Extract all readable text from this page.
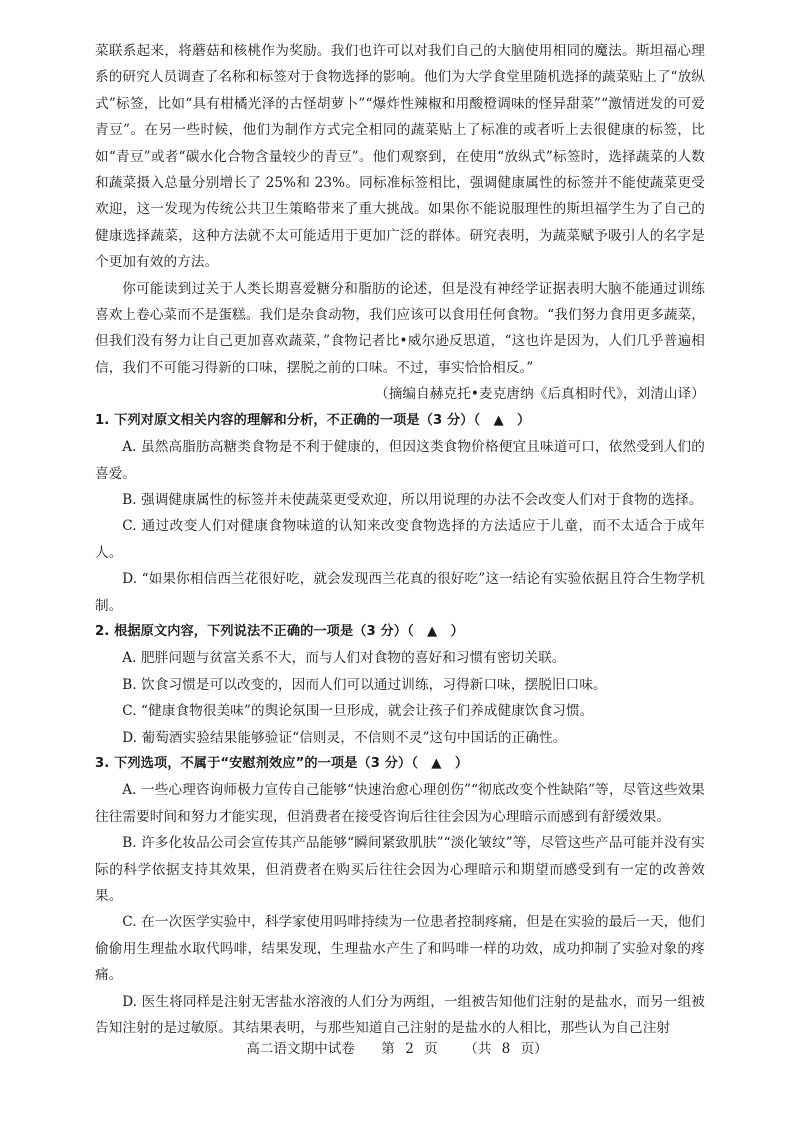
菜联系起来，将蘑菇和核桃作为奖励。我们也许可以对我们自己的大脑使用相同的魔法。斯坦福心理系的研究人员调查了名称和标签对于食物选择的影响。他们为大学食堂里随机选择的蔬菜贴上了“放纵式”标签，比如“具有柑橘光泽的古怪胡萝卜”“爆炸性辣椒和用酸橙调味的怪异甜菜”“激情迸发的可爱青豆”。在另一些时候，他们为制作方式完全相同的蔬菜贴上了标准的或者听上去很健康的标签，比如“青豆”或者“碳水化合物含量较少的青豆”。他们观察到，在使用“放纵式”标签时，选择蔬菜的人数和蔬菜摄入总量分别增长了 25%和 23%。同标准标签相比，强调健康属性的标签并不能使蔬菜更受欢迎，这一发现为传统公共卫生策略带来了重大挑战。如果你不能说服理性的斯坦福学生为了自己的健康选择蔬菜，这种方法就不太可能适用于更加广泛的群体。研究表明，为蔬菜赋予吸引人的名字是个更加有效的方法。

你可能读到过关于人类长期喜爱糖分和脂肪的论述，但是没有神经学证据表明大脑不能通过训练喜欢上卷心菜而不是蛋糕。我们是杂食动物，我们应该可以食用任何食物。“我们努力食用更多蔬菜，但我们没有努力让自己更加喜欢蔬菜，”食物记者比•威尔逊反思道，“这也许是因为，人们几乎普遍相信，我们不可能习得新的口味，摆脱之前的口味。不过，事实恰恰相反。”

（摘编自赫克托•麦克唐纳《后真相时代》，刘清山译）

1. 下列对原文相关内容的理解和分析，不正确的一项是（3 分）（　▲　）

A. 虽然高脂肪高糖类食物是不利于健康的，但因这类食物价格便宜且味道可口，依然受到人们的喜爱。

B. 强调健康属性的标签并未使蔬菜更受欢迎，所以用说理的办法不会改变人们对于食物的选择。

C. 通过改变人们对健康食物味道的认知来改变食物选择的方法适应于儿童，而不太适合于成年人。

D. “如果你相信西兰花很好吃，就会发现西兰花真的很好吃”这一结论有实验依据且符合生物学机制。

2. 根据原文内容，下列说法不正确的一项是（3 分）（　▲　）

A. 肥胖问题与贫富关系不大，而与人们对食物的喜好和习惯有密切关联。

B. 饮食习惯是可以改变的，因而人们可以通过训练，习得新口味，摆脱旧口味。

C. “健康食物很美味”的舆论氛围一旦形成，就会让孩子们养成健康饮食习惯。

D. 葡萄酒实验结果能够验证“信则灵，不信则不灵”这句中国话的正确性。

3. 下列选项，不属于“安慰剂效应”的一项是（3 分）（　▲　）

A. 一些心理咨询师极力宣传自己能够“快速治愈心理创伤”“彻底改变个性缺陷”等，尽管这些效果往往需要时间和努力才能实现，但消费者在接受咨询后往往会因为心理暗示而感到有舒缓效果。

B. 许多化妆品公司会宣传其产品能够“瞬间紧致肌肤”“淡化皱纹”等，尽管这些产品可能并没有实际的科学依据支持其效果，但消费者在购买后往往会因为心理暗示和期望而感受到有一定的改善效果。

C. 在一次医学实验中，科学家使用吗啡持续为一位患者控制疼痛，但是在实验的最后一天，他们偷偷用生理盐水取代吗啡，结果发现，生理盐水产生了和吗啡一样的功效，成功抑制了实验对象的疼痛。

D. 医生将同样是注射无害盐水溶液的人们分为两组，一组被告知他们注射的是盐水，而另一组被告知注射的是过敏原。其结果表明，与那些知道自己注射的是盐水的人相比，那些认为自己注射

高二语文期中试卷 第 2 页 （共 8 页）
